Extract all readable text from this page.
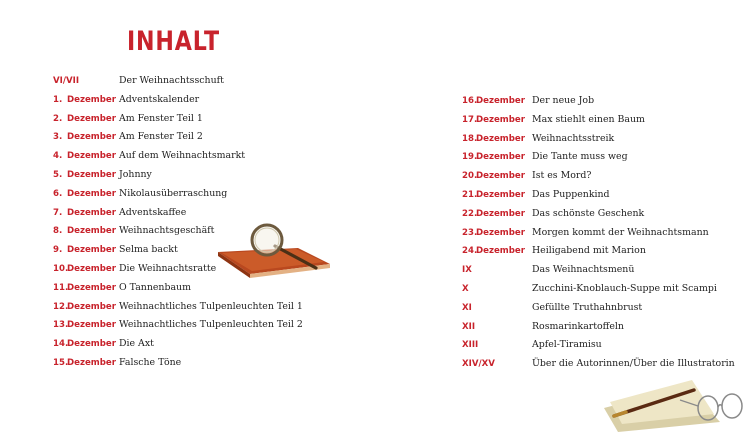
INHALT
VI/VII	Der Weihnachtsschuft
1. Dezember Adventskalender
2. Dezember Am Fenster Teil 1
3. Dezember Am Fenster Teil 2
4. Dezember Auf dem Weihnachtsmarkt
5. Dezember Johnny
6. Dezember Nikolausüberraschung
7. Dezember Adventskaffee
8. Dezember Weihnachtsgeschäft
9. Dezember Selma backt
10.Dezember Die Weihnachtsratte
11.Dezember O Tannenbaum
12.Dezember Weihnachtliches Tulpenleuchten Teil 1
13.Dezember Weihnachtliches Tulpenleuchten Teil 2
14.Dezember Die Axt
15.Dezember Falsche Töne
16.Dezember Der neue Job
17.Dezember Max stiehlt einen Baum
18.Dezember Weihnachtsstreik
19.Dezember Die Tante muss weg
20.Dezember Ist es Mord?
21.Dezember Das Puppenkind
22.Dezember Das schönste Geschenk
23.Dezember Morgen kommt der Weihnachtsmann
24.Dezember Heiligabend mit Marion
IX	Das Weihnachtsmenü
X	Zucchini-Knoblauch-Suppe mit Scampi
XI	Gefüllte Truthahnbrust
XII	Rosmarinkartoffeln
XIII	Apfel-Tiramisu
XIV/XV	Über die Autorinnen/Über die Illustratorin
